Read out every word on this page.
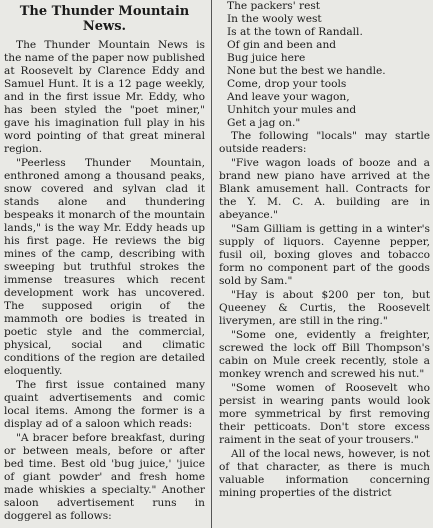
The Thunder Mountain News.

The Thunder Mountain News is the name of the paper now published at Roosevelt by Clarence Eddy and Samuel Hunt. It is a 12 page weekly, and in the first issue Mr. Eddy, who has been styled the "poet miner," gave his imagination full play in his word pointing of that great mineral region.

"Peerless Thunder Mountain, enthroned among a thousand peaks, snow covered and sylvan clad it stands alone and thundering bespeaks it monarch of the mountain lands," is the way Mr. Eddy heads up his first page. He reviews the big mines of the camp, describing with sweeping but truthful strokes the immense treasures which recent development work has uncovered. The supposed origin of the mammoth ore bodies is treated in poetic style and the commercial, physical, social and climatic conditions of the region are detailed eloquently.

The first issue contained many quaint advertisements and comic local items. Among the former is a display ad of a saloon which reads:

"A bracer before breakfast, during or between meals, before or after bed time. Best old 'bug juice,' 'juice of giant powder' and fresh home made whiskies a specialty." Another saloon advertisement runs in doggerel as follows:

The packers' rest
In the wooly west
Is at the town of Randall.
Of gin and been and
Bug juice here
None but the best we handle.
Come, drop your tools
And leave your wagon,
Unhitch your mules and
Get a jag on."

The following "locals" may startle outside readers:

"Five wagon loads of booze and a brand new piano have arrived at the Blank amusement hall. Contracts for the Y. M. C. A. building are in abeyance."

"Sam Gilliam is getting in a winter's supply of liquors. Cayenne pepper, fusil oil, boxing gloves and tobacco form no component part of the goods sold by Sam."

"Hay is about $200 per ton, but Queeney & Curtis, the Roosevelt liverymen, are still in the ring."

"Some one, evidently a freighter, screwed the lock off Bill Thompson's cabin on Mule creek recently, stole a monkey wrench and screwed his nut."

"Some women of Roosevelt who persist in wearing pants would look more symmetrical by first removing their petticoats. Don't store excess raiment in the seat of your trousers."

All of the local news, however, is not of that character, as there is much valuable information concerning mining properties of the district
